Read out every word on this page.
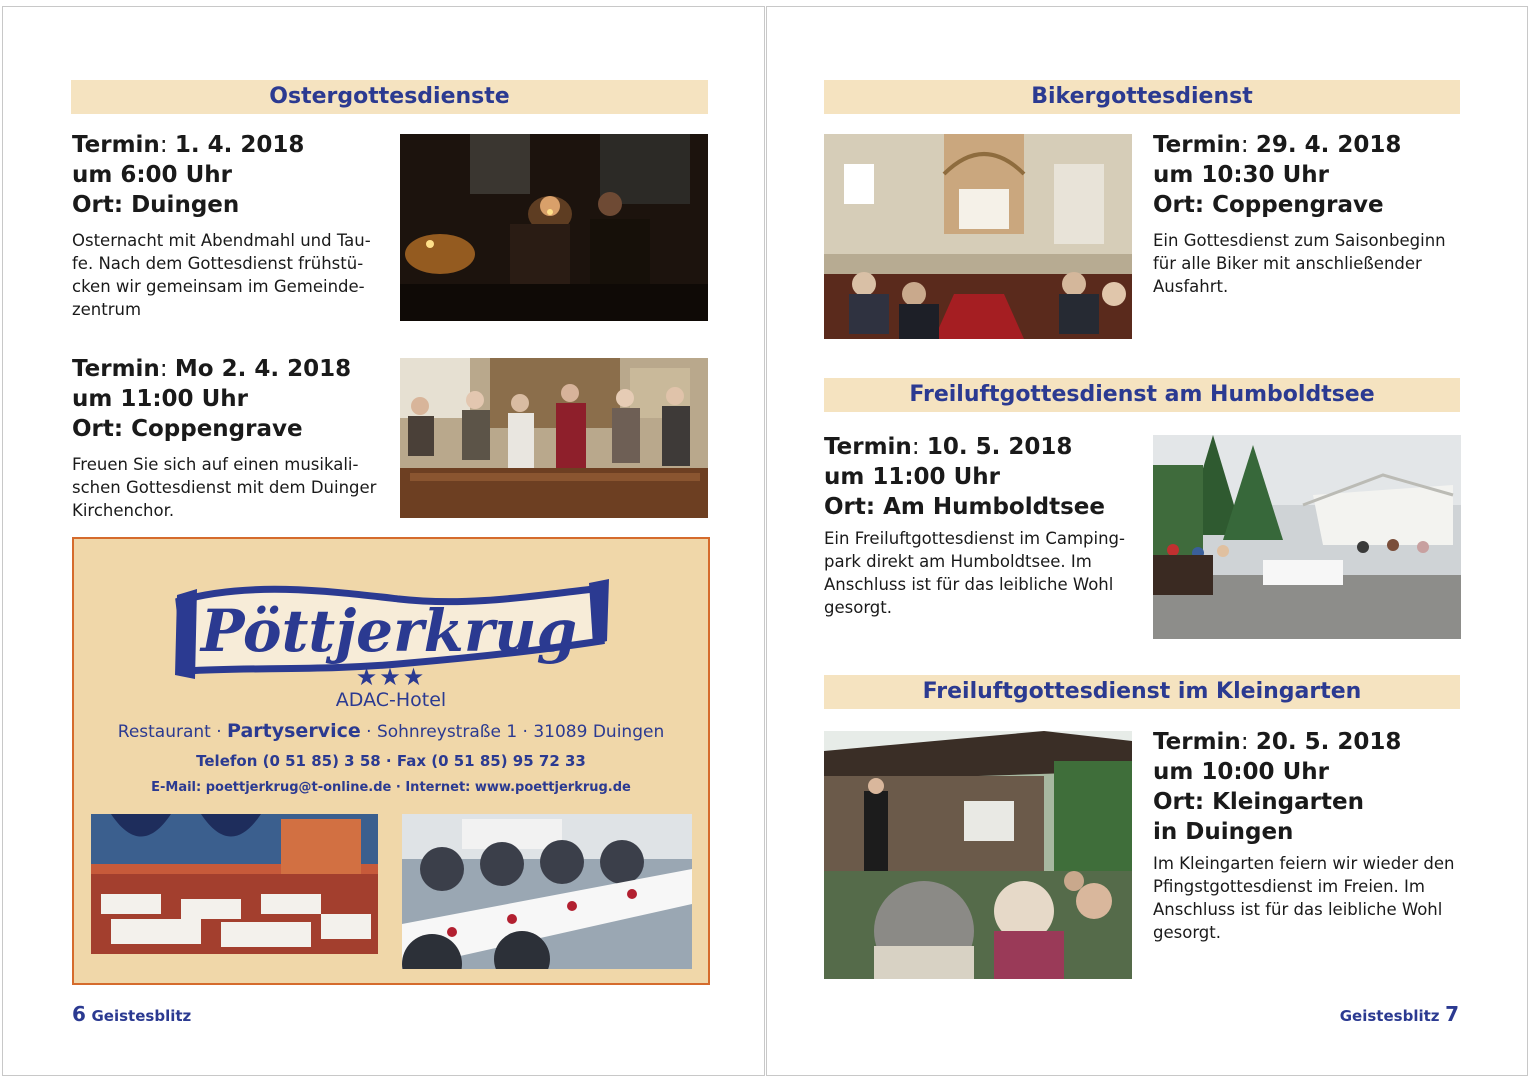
Ostergottesdienste
Termin: 1. 4. 2018
um 6:00 Uhr
Ort: Duingen
Osternacht mit Abendmahl und Tau-
fe. Nach dem Gottesdienst frühstü-
cken wir gemeinsam im Gemeinde-
zentrum
Termin: Mo 2. 4. 2018
um 11:00 Uhr
Ort: Coppengrave
Freuen Sie sich auf einen musikali-
schen Gottesdienst mit dem Duinger
Kirchenchor.
Pöttjerkrug
★★★
ADAC-Hotel
Restaurant · Partyservice · Sohnreystraße 1 · 31089 Duingen
Telefon (0 51 85) 3 58 · Fax (0 51 85) 95 72 33
E-Mail: poettjerkrug@t-online.de · Internet: www.poettjerkrug.de
6 Geistesblitz
Bikergottesdienst
Termin: 29. 4. 2018
um 10:30 Uhr
Ort: Coppengrave
Ein Gottesdienst zum Saisonbeginn
für alle Biker mit anschließender
Ausfahrt.
Freiluftgottesdienst am Humboldtsee
Termin: 10. 5. 2018
um 11:00 Uhr
Ort: Am Humboldtsee
Ein Freiluftgottesdienst im Camping-
park direkt am Humboldtsee. Im
Anschluss ist für das leibliche Wohl
gesorgt.
Freiluftgottesdienst im Kleingarten
Termin: 20. 5. 2018
um 10:00 Uhr
Ort: Kleingarten
in Duingen
Im Kleingarten feiern wir wieder den
Pfingstgottesdienst im Freien. Im
Anschluss ist für das leibliche Wohl
gesorgt.
Geistesblitz 7
